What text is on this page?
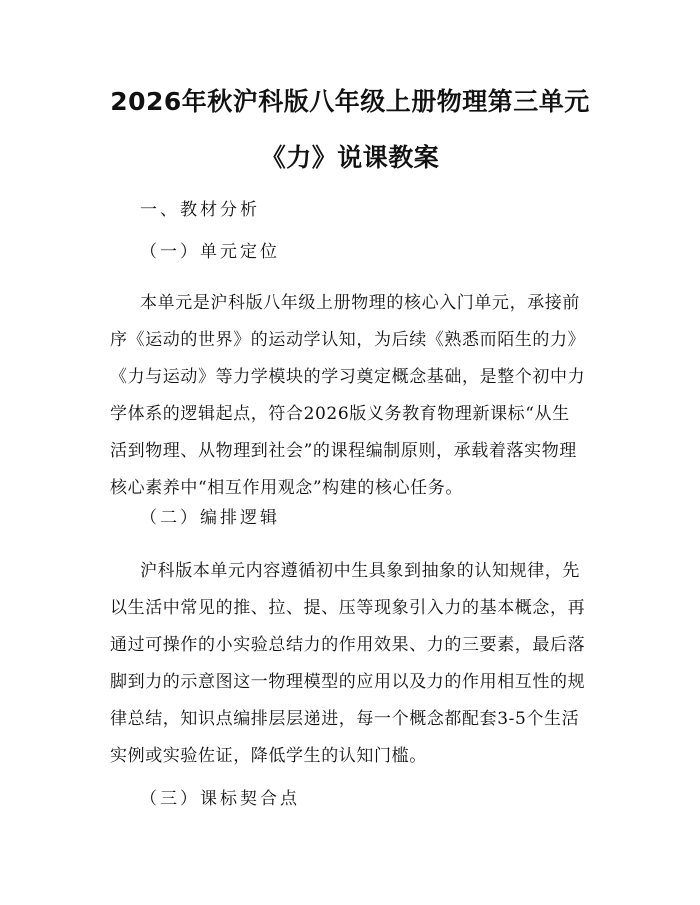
2026年秋沪科版八年级上册物理第三单元
《力》说课教案
一、教材分析
（一）单元定位
本单元是沪科版八年级上册物理的核心入门单元，承接前
序《运动的世界》的运动学认知，为后续《熟悉而陌生的力》
《力与运动》等力学模块的学习奠定概念基础，是整个初中力
学体系的逻辑起点，符合2026版义务教育物理新课标“从生
活到物理、从物理到社会”的课程编制原则，承载着落实物理
核心素养中“相互作用观念”构建的核心任务。
（二）编排逻辑
沪科版本单元内容遵循初中生具象到抽象的认知规律，先
以生活中常见的推、拉、提、压等现象引入力的基本概念，再
通过可操作的小实验总结力的作用效果、力的三要素，最后落
脚到力的示意图这一物理模型的应用以及力的作用相互性的规
律总结，知识点编排层层递进，每一个概念都配套3-5个生活
实例或实验佐证，降低学生的认知门槛。
（三）课标契合点
